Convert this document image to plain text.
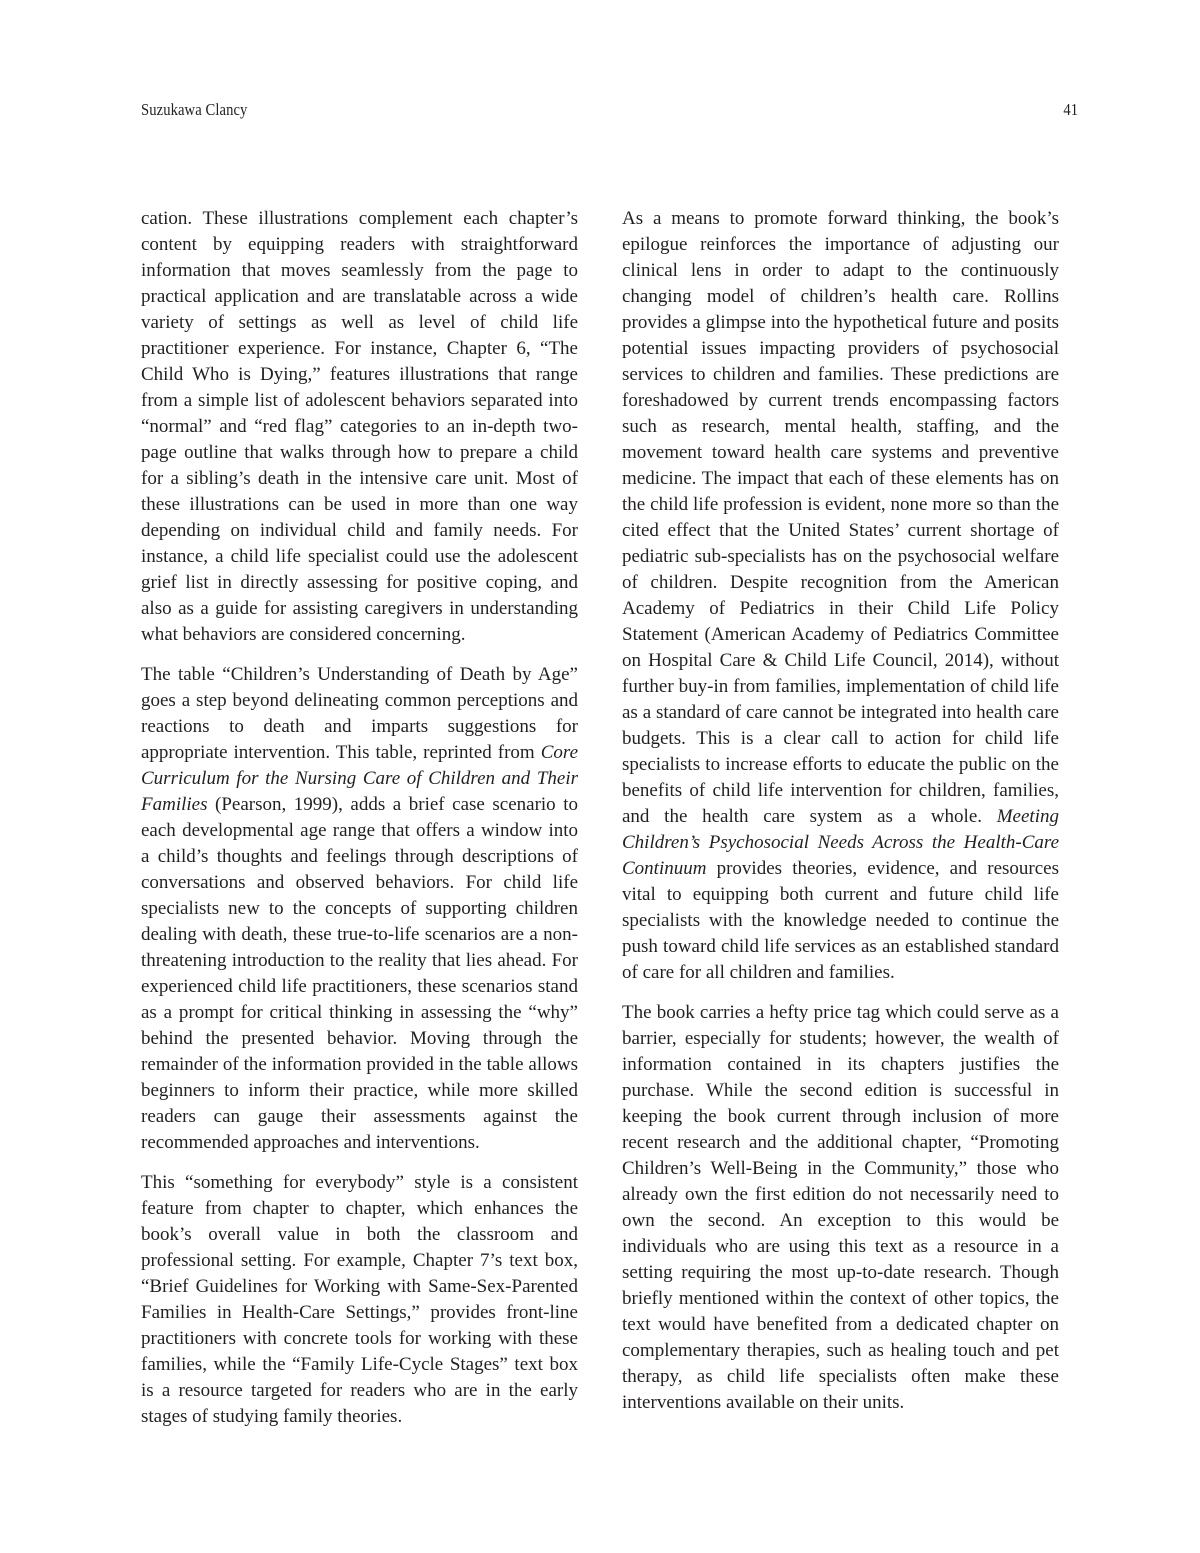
Suzukawa Clancy	41

cation. These illustrations complement each chapter’s content by equipping readers with straightforward information that moves seamlessly from the page to practical application and are translatable across a wide variety of settings as well as level of child life practitioner experience. For instance, Chapter 6, “The Child Who is Dying,” features illustrations that range from a simple list of adolescent behaviors separated into “normal” and “red flag” categories to an in-depth two-page outline that walks through how to prepare a child for a sibling’s death in the intensive care unit. Most of these illustrations can be used in more than one way depending on individual child and family needs. For instance, a child life specialist could use the adolescent grief list in directly assessing for positive coping, and also as a guide for assisting caregivers in understanding what behaviors are considered concerning.

The table “Children’s Understanding of Death by Age” goes a step beyond delineating common perceptions and reactions to death and imparts suggestions for appropriate intervention. This table, reprinted from Core Curriculum for the Nursing Care of Children and Their Families (Pearson, 1999), adds a brief case scenario to each developmental age range that offers a window into a child’s thoughts and feelings through descriptions of conversations and observed behaviors. For child life specialists new to the concepts of supporting children dealing with death, these true-to-life scenarios are a non-threatening introduction to the reality that lies ahead. For experienced child life practitioners, these scenarios stand as a prompt for critical thinking in assessing the “why” behind the presented behavior. Moving through the remainder of the information provided in the table allows beginners to inform their practice, while more skilled readers can gauge their assessments against the recommended approaches and interventions.

This “something for everybody” style is a consistent feature from chapter to chapter, which enhances the book’s overall value in both the classroom and professional setting. For example, Chapter 7’s text box, “Brief Guidelines for Working with Same-Sex-Parented Families in Health-Care Settings,” provides front-line practitioners with concrete tools for working with these families, while the “Family Life-Cycle Stages” text box is a resource targeted for readers who are in the early stages of studying family theories.

As a means to promote forward thinking, the book’s epilogue reinforces the importance of adjusting our clinical lens in order to adapt to the continuously changing model of children’s health care. Rollins provides a glimpse into the hypothetical future and posits potential issues impacting providers of psychosocial services to children and families. These predictions are foreshadowed by current trends encompassing factors such as research, mental health, staffing, and the movement toward health care systems and preventive medicine. The impact that each of these elements has on the child life profession is evident, none more so than the cited effect that the United States’ current shortage of pediatric sub-specialists has on the psychosocial welfare of children. Despite recognition from the American Academy of Pediatrics in their Child Life Policy Statement (American Academy of Pediatrics Committee on Hospital Care & Child Life Council, 2014), without further buy-in from families, implementation of child life as a standard of care cannot be integrated into health care budgets. This is a clear call to action for child life specialists to increase efforts to educate the public on the benefits of child life intervention for children, families, and the health care system as a whole. Meeting Children’s Psychosocial Needs Across the Health-Care Continuum provides theories, evidence, and resources vital to equipping both current and future child life specialists with the knowledge needed to continue the push toward child life services as an established standard of care for all children and families.

The book carries a hefty price tag which could serve as a barrier, especially for students; however, the wealth of information contained in its chapters justifies the purchase. While the second edition is successful in keeping the book current through inclusion of more recent research and the additional chapter, “Promoting Children’s Well-Being in the Community,” those who already own the first edition do not necessarily need to own the second. An exception to this would be individuals who are using this text as a resource in a setting requiring the most up-to-date research. Though briefly mentioned within the context of other topics, the text would have benefited from a dedicated chapter on complementary therapies, such as healing touch and pet therapy, as child life specialists often make these interventions available on their units.
